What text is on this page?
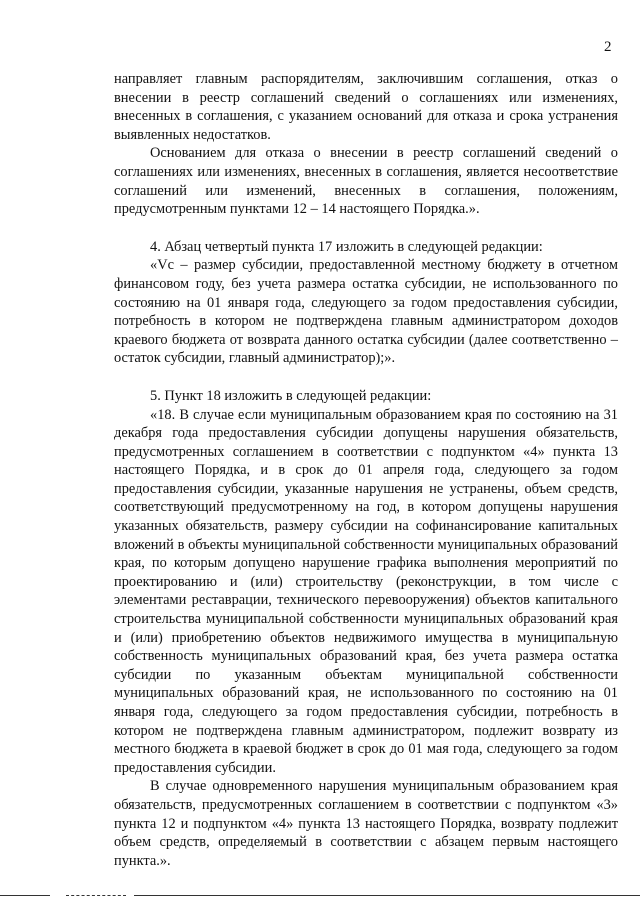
2

направляет главным распорядителям, заключившим соглашения, отказ о внесении в реестр соглашений сведений о соглашениях или изменениях, внесенных в соглашения, с указанием оснований для отказа и срока устранения выявленных недостатков.

Основанием для отказа о внесении в реестр соглашений сведений о соглашениях или изменениях, внесенных в соглашения, является несоответствие соглашений или изменений, внесенных в соглашения, положениям, предусмотренным пунктами 12 – 14 настоящего Порядка.».

4. Абзац четвертый пункта 17 изложить в следующей редакции:

«Vс – размер субсидии, предоставленной местному бюджету в отчетном финансовом году, без учета размера остатка субсидии, не использованного по состоянию на 01 января года, следующего за годом предоставления субсидии, потребность в котором не подтверждена главным администратором доходов краевого бюджета от возврата данного остатка субсидии (далее соответственно – остаток субсидии, главный администратор);».

5. Пункт 18 изложить в следующей редакции:

«18. В случае если муниципальным образованием края по состоянию на 31 декабря года предоставления субсидии допущены нарушения обязательств, предусмотренных соглашением в соответствии с подпунктом «4» пункта 13 настоящего Порядка, и в срок до 01 апреля года, следующего за годом предоставления субсидии, указанные нарушения не устранены, объем средств, соответствующий предусмотренному на год, в котором допущены нарушения указанных обязательств, размеру субсидии на софинансирование капитальных вложений в объекты муниципальной собственности муниципальных образований края, по которым допущено нарушение графика выполнения мероприятий по проектированию и (или) строительству (реконструкции, в том числе с элементами реставрации, технического перевооружения) объектов капитального строительства муниципальной собственности муниципальных образований края и (или) приобретению объектов недвижимого имущества в муниципальную собственность муниципальных образований края, без учета размера остатка субсидии по указанным объектам муниципальной собственности муниципальных образований края, не использованного по состоянию на 01 января года, следующего за годом предоставления субсидии, потребность в котором не подтверждена главным администратором, подлежит возврату из местного бюджета в краевой бюджет в срок до 01 мая года, следующего за годом предоставления субсидии.

В случае одновременного нарушения муниципальным образованием края обязательств, предусмотренных соглашением в соответствии с подпунктом «3» пункта 12 и подпунктом «4» пункта 13 настоящего Порядка, возврату подлежит объем средств, определяемый в соответствии с абзацем первым настоящего пункта.».
